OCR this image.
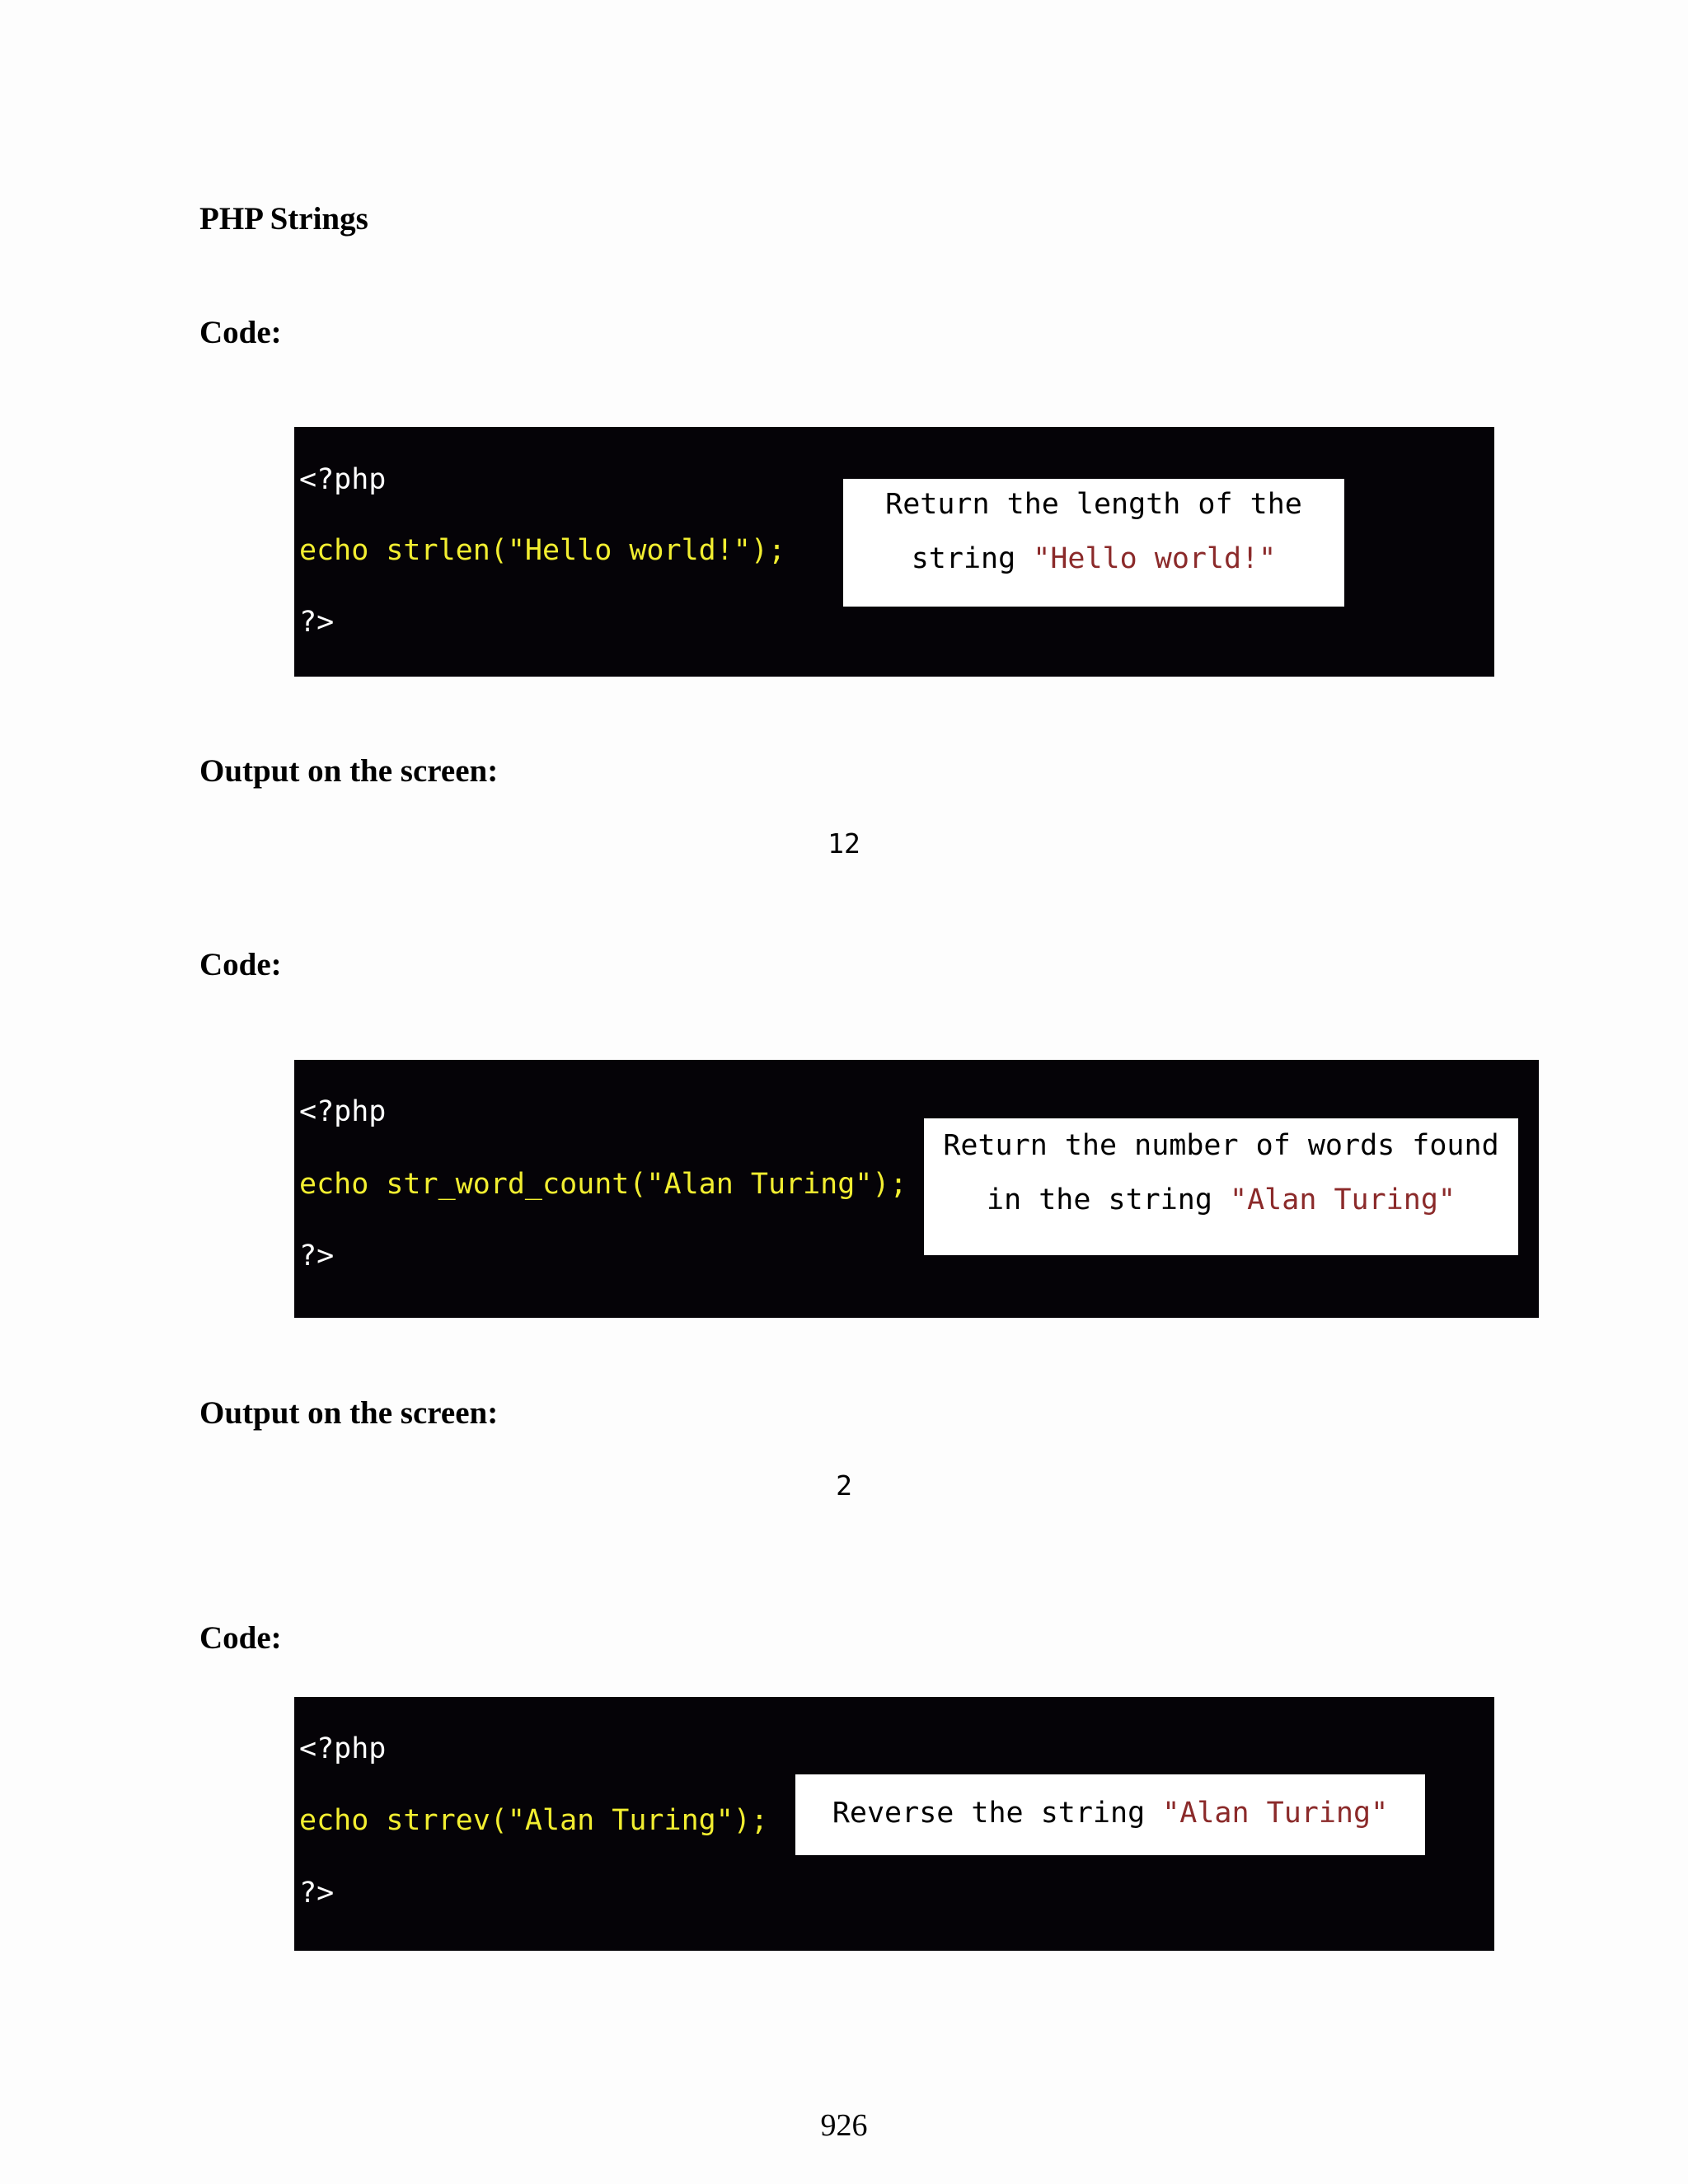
PHP Strings
Code:
<?php
echo strlen("Hello world!");
?>
Return the length of the
string "Hello world!"
Output on the screen:
12
Code:
<?php
echo str_word_count("Alan Turing");
?>
Return the number of words found
in the string "Alan Turing"
Output on the screen:
2
Code:
<?php
echo strrev("Alan Turing");
?>
Reverse the string "Alan Turing"
926
